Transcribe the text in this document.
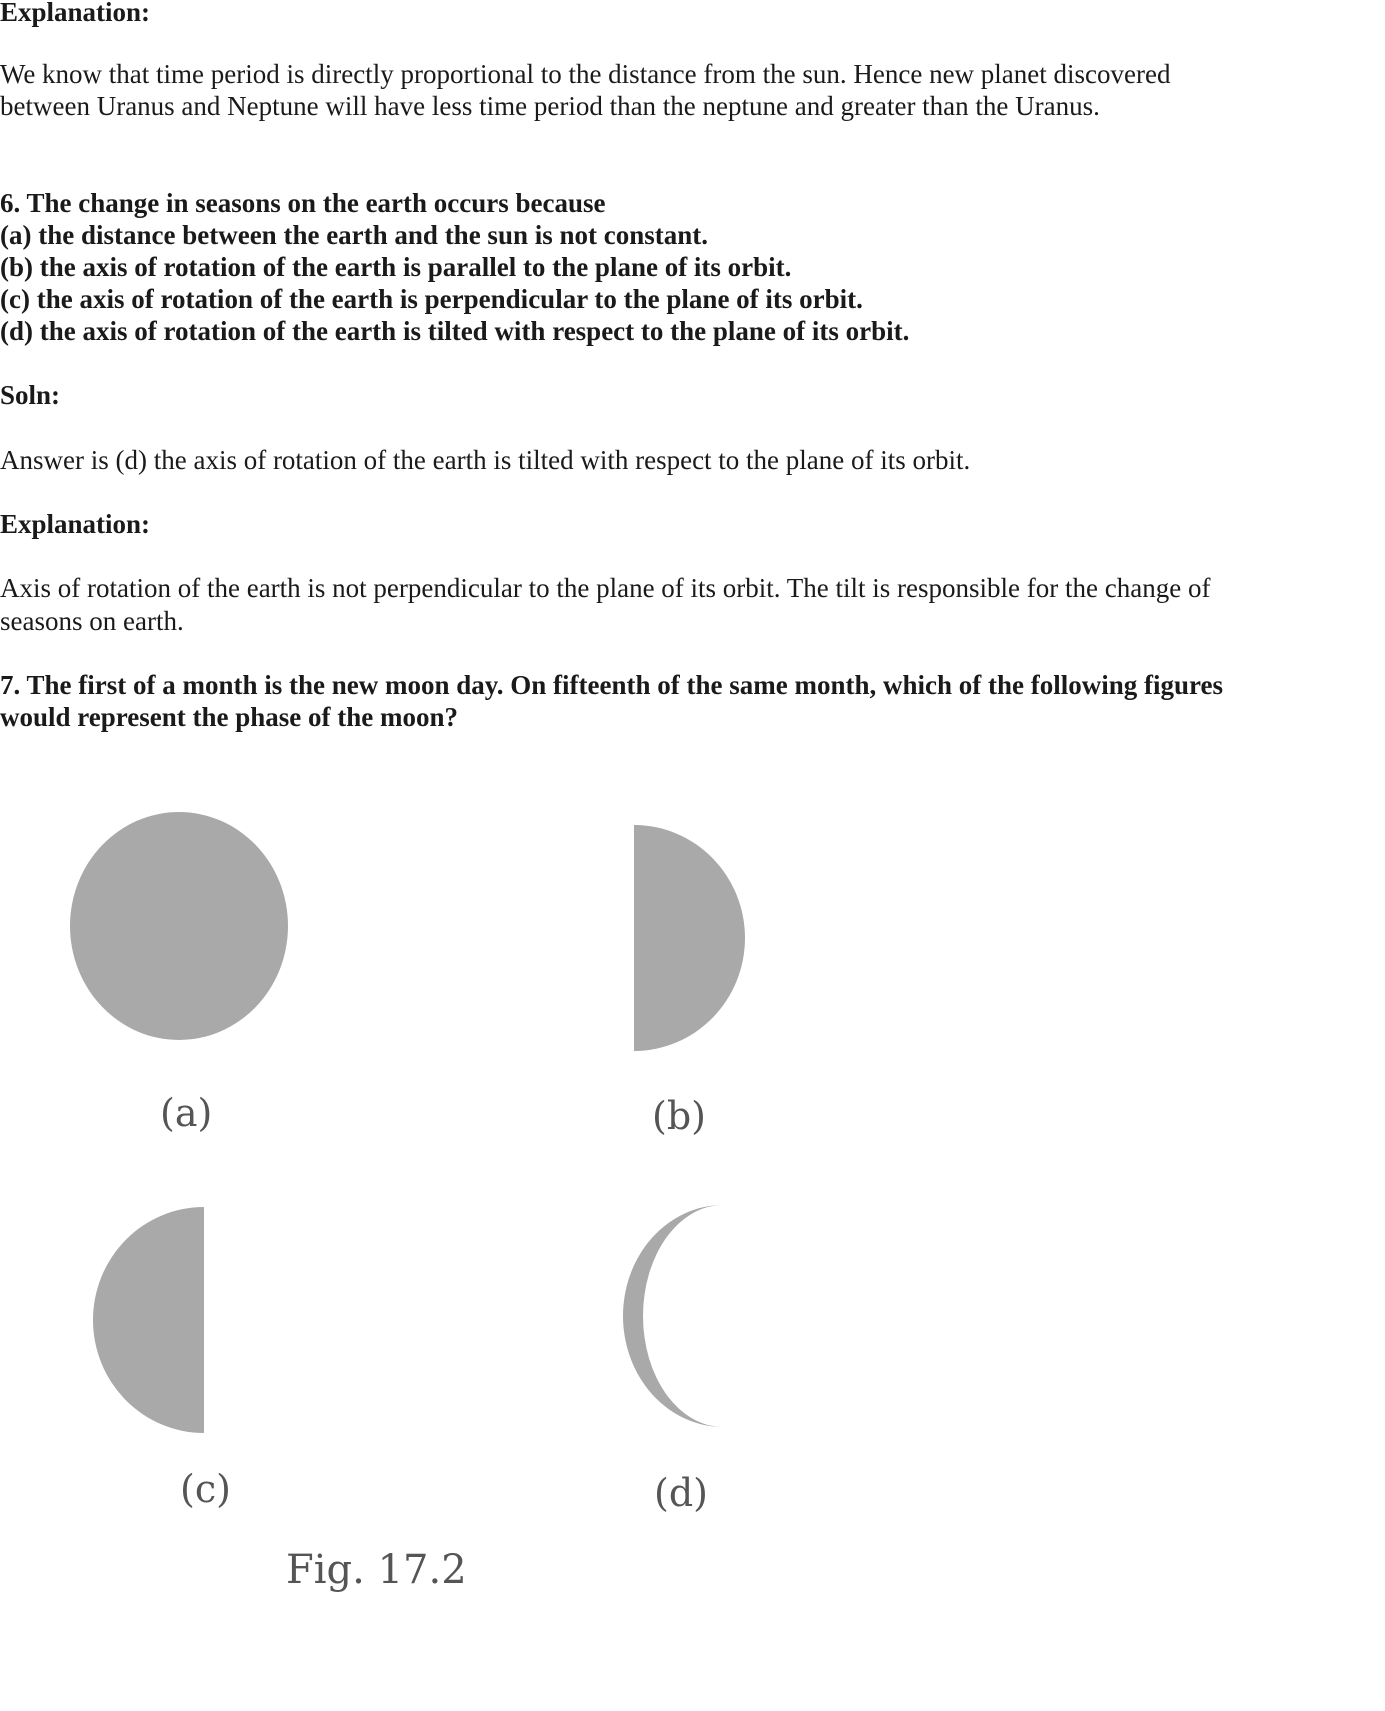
Explanation:
We know that time period is directly proportional to the distance from the sun. Hence new planet discovered
between Uranus and Neptune will have less time period than the neptune and greater than the Uranus.
6. The change in seasons on the earth occurs because
(a) the distance between the earth and the sun is not constant.
(b) the axis of rotation of the earth is parallel to the plane of its orbit.
(c) the axis of rotation of the earth is perpendicular to the plane of its orbit.
(d) the axis of rotation of the earth is tilted with respect to the plane of its orbit.
Soln:
Answer is (d) the axis of rotation of the earth is tilted with respect to the plane of its orbit.
Explanation:
Axis of rotation of the earth is not perpendicular to the plane of its orbit. The tilt is responsible for the change of
seasons on earth.
7. The first of a month is the new moon day. On fifteenth of the same month, which of the following figures
would represent the phase of the moon?
(a)	(b)
(c)	(d)
Fig. 17.2
